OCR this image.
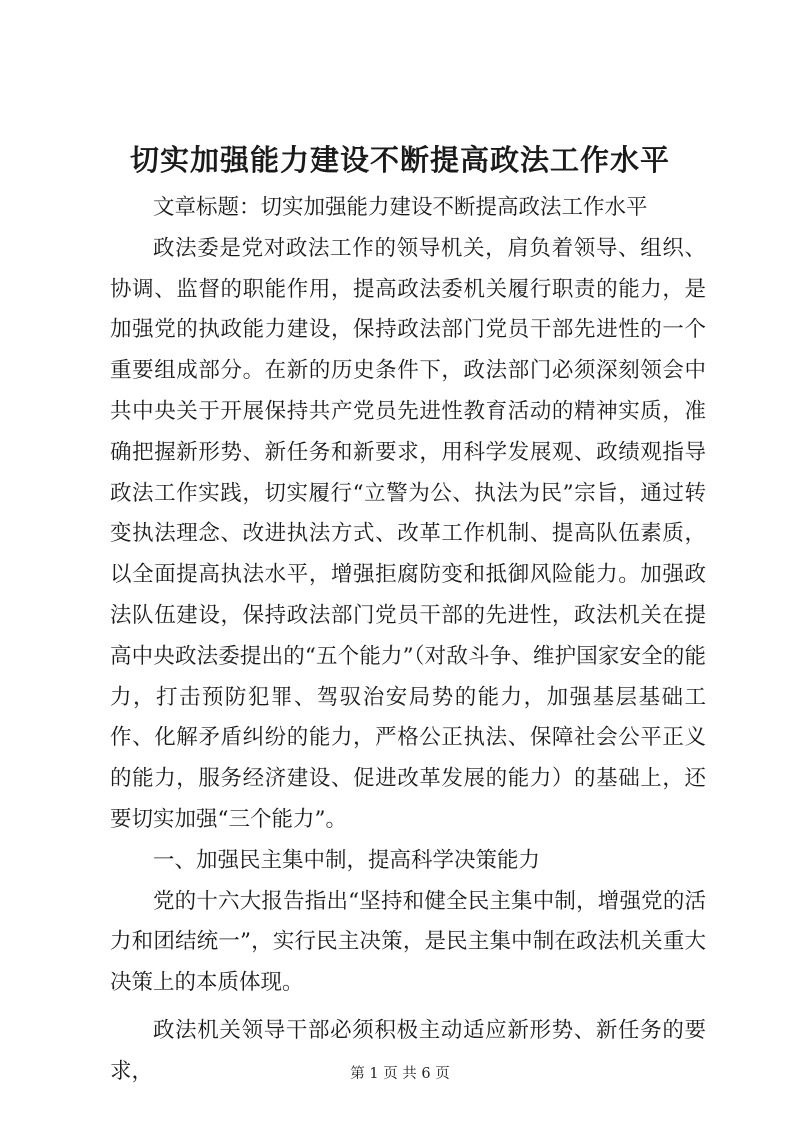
切实加强能力建设不断提高政法工作水平

文章标题：切实加强能力建设不断提高政法工作水平

政法委是党对政法工作的领导机关，肩负着领导、组织、协调、监督的职能作用，提高政法委机关履行职责的能力，是加强党的执政能力建设，保持政法部门党员干部先进性的一个重要组成部分。在新的历史条件下，政法部门必须深刻领会中共中央关于开展保持共产党员先进性教育活动的精神实质，准确把握新形势、新任务和新要求，用科学发展观、政绩观指导政法工作实践，切实履行“立警为公、执法为民”宗旨，通过转变执法理念、改进执法方式、改革工作机制、提高队伍素质，以全面提高执法水平，增强拒腐防变和抵御风险能力。加强政法队伍建设，保持政法部门党员干部的先进性，政法机关在提高中央政法委提出的“五个能力”（对敌斗争、维护国家安全的能力，打击预防犯罪、驾驭治安局势的能力，加强基层基础工作、化解矛盾纠纷的能力，严格公正执法、保障社会公平正义的能力，服务经济建设、促进改革发展的能力）的基础上，还要切实加强“三个能力”。

一、加强民主集中制，提高科学决策能力

党的十六大报告指出“坚持和健全民主集中制，增强党的活力和团结统一”，实行民主决策，是民主集中制在政法机关重大决策上的本质体现。

政法机关领导干部必须积极主动适应新形势、新任务的要求，	第 1 页 共 6 页
